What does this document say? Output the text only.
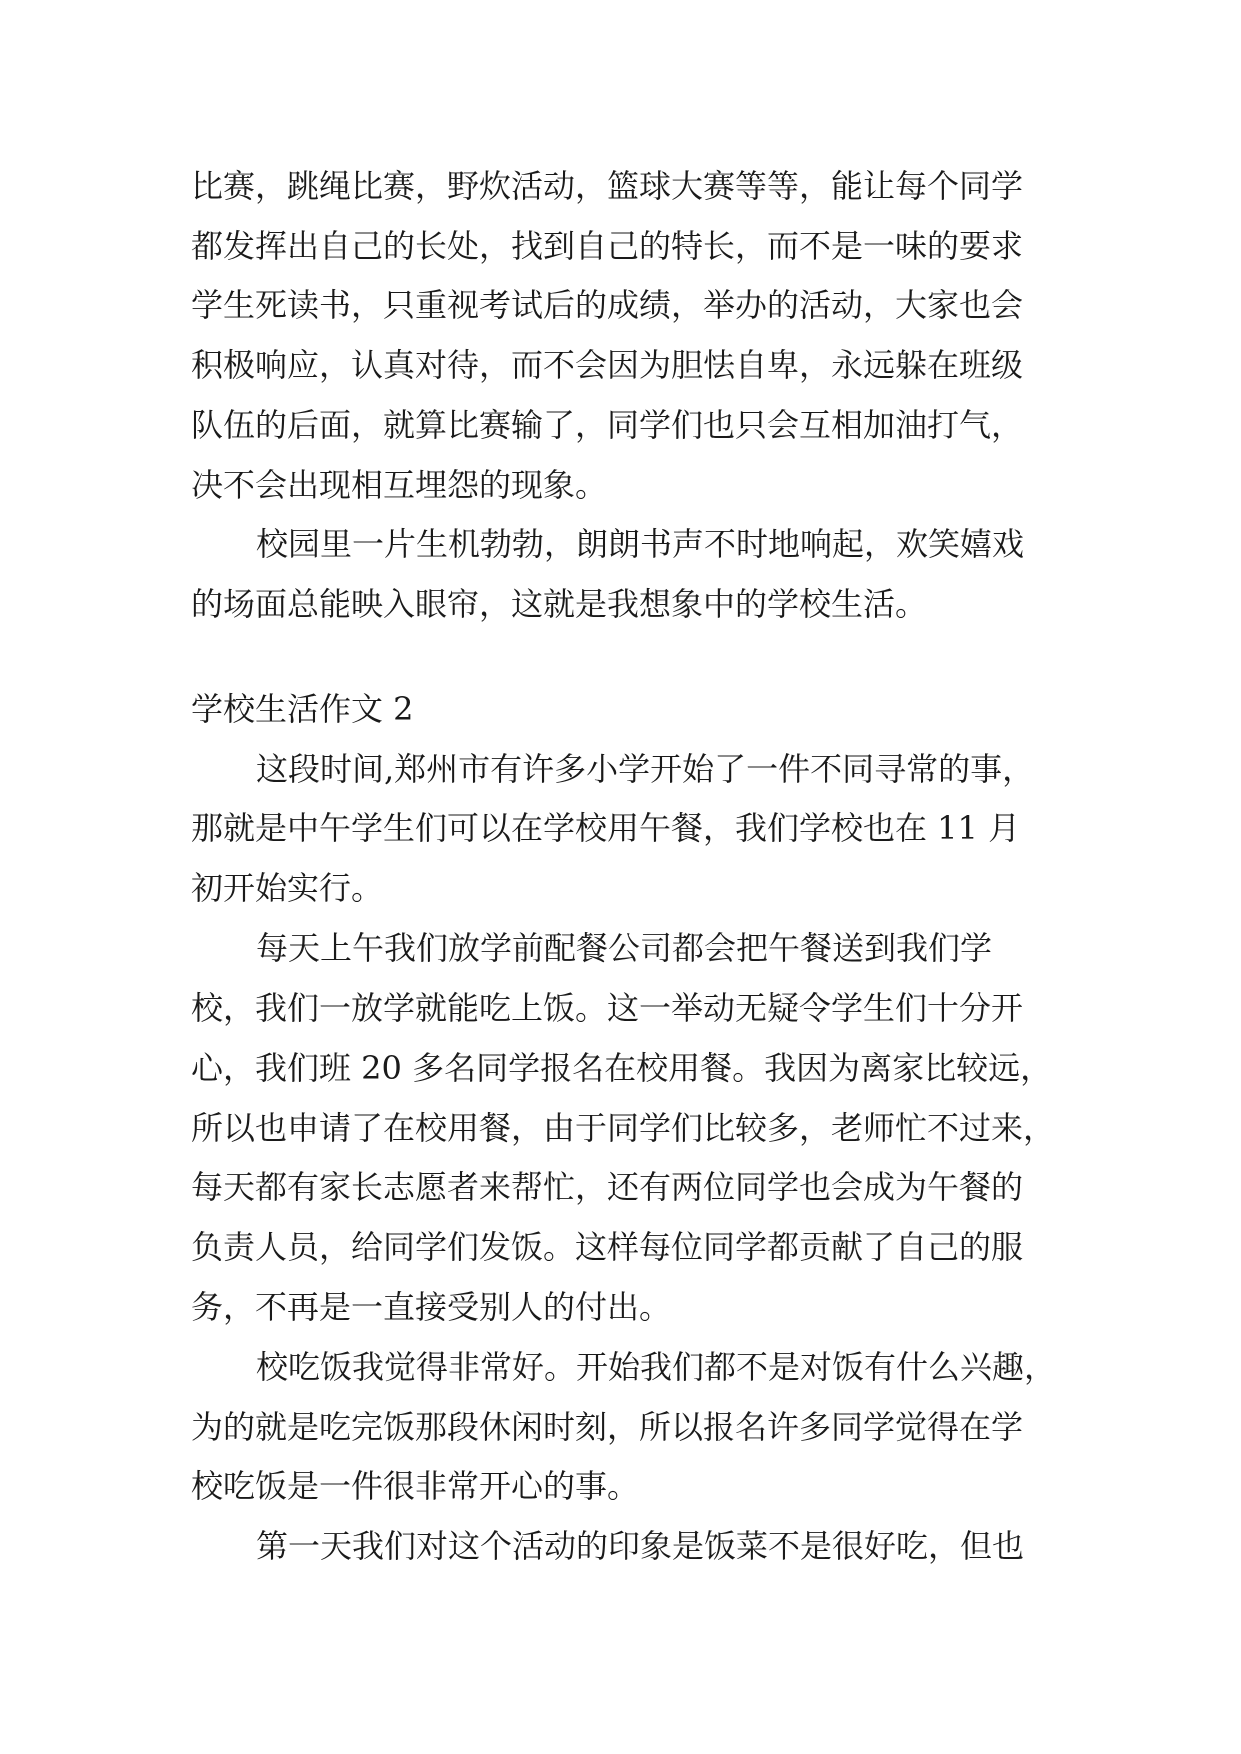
比赛，跳绳比赛，野炊活动，篮球大赛等等，能让每个同学
都发挥出自己的长处，找到自己的特长，而不是一味的要求
学生死读书，只重视考试后的成绩，举办的活动，大家也会
积极响应，认真对待，而不会因为胆怯自卑，永远躲在班级
队伍的后面，就算比赛输了，同学们也只会互相加油打气，
决不会出现相互埋怨的现象。
校园里一片生机勃勃，朗朗书声不时地响起，欢笑嬉戏
的场面总能映入眼帘，这就是我想象中的学校生活。
学校生活作文 2
这段时间,郑州市有许多小学开始了一件不同寻常的事，
那就是中午学生们可以在学校用午餐，我们学校也在 11 月
初开始实行。
每天上午我们放学前配餐公司都会把午餐送到我们学
校，我们一放学就能吃上饭。这一举动无疑令学生们十分开
心，我们班 20 多名同学报名在校用餐。我因为离家比较远，
所以也申请了在校用餐，由于同学们比较多，老师忙不过来，
每天都有家长志愿者来帮忙，还有两位同学也会成为午餐的
负责人员，给同学们发饭。这样每位同学都贡献了自己的服
务，不再是一直接受别人的付出。
校吃饭我觉得非常好。开始我们都不是对饭有什么兴趣，
为的就是吃完饭那段休闲时刻，所以报名许多同学觉得在学
校吃饭是一件很非常开心的事。
第一天我们对这个活动的印象是饭菜不是很好吃，但也
